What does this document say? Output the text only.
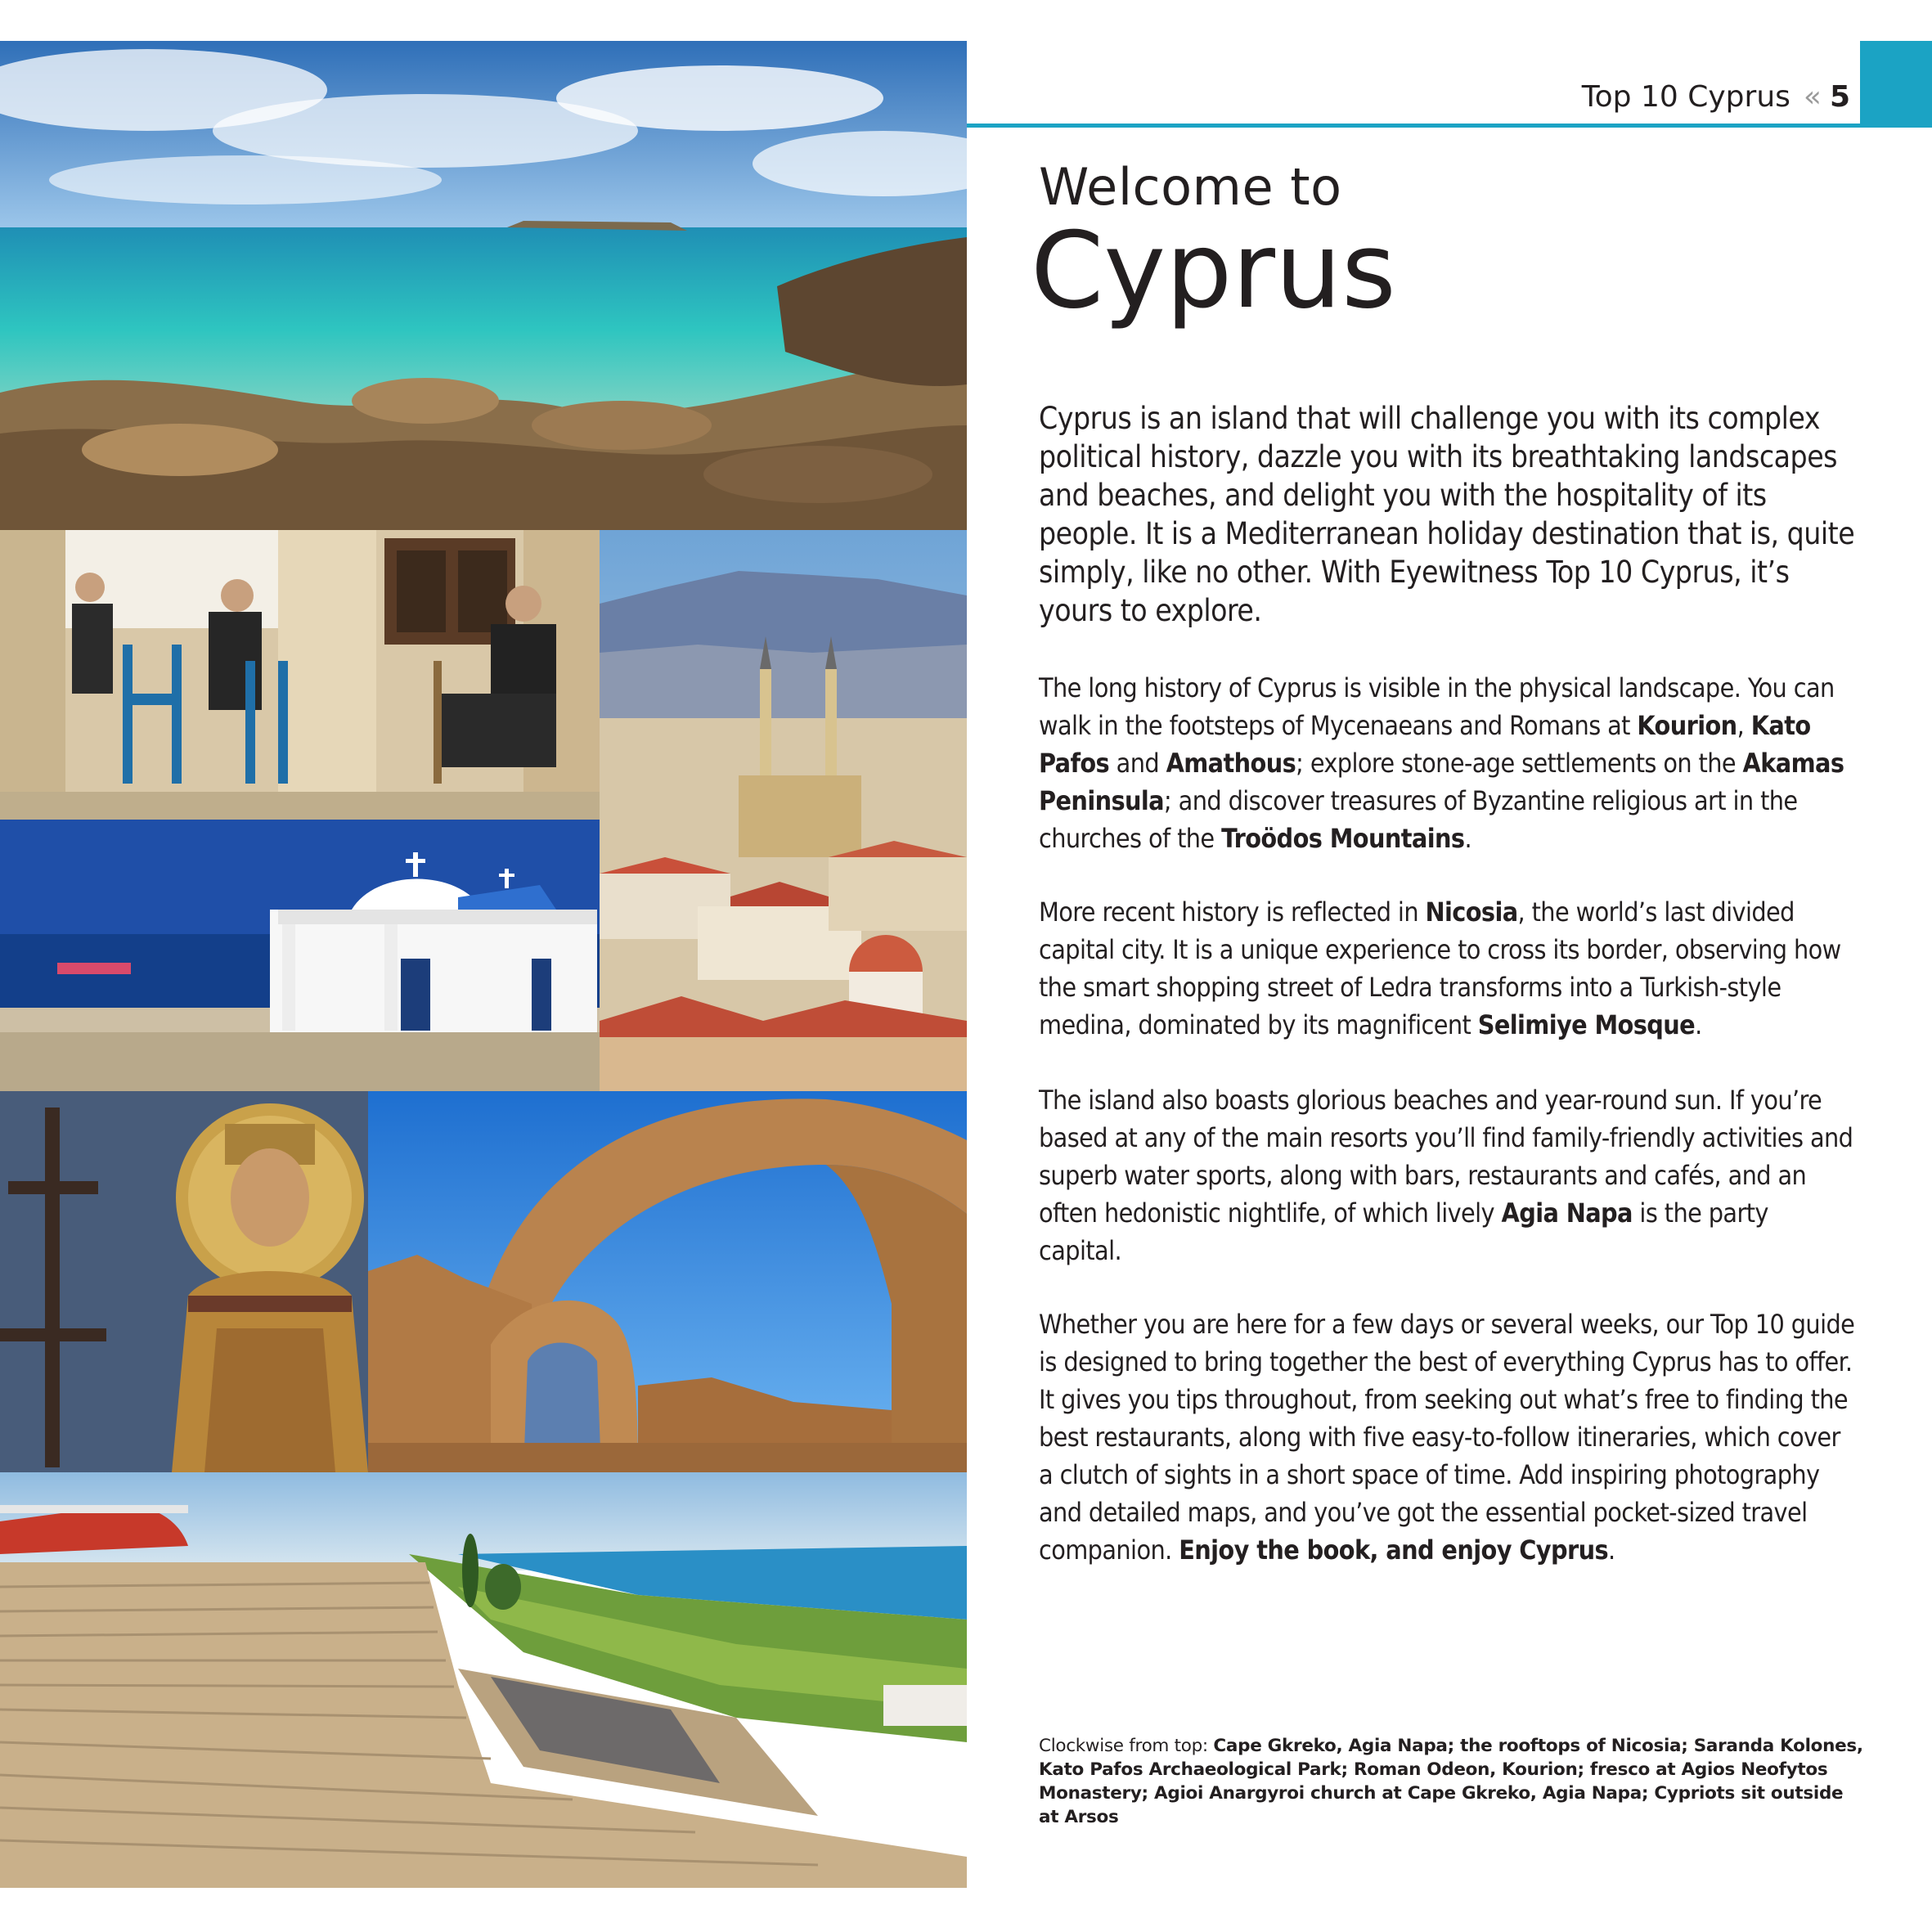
Top 10 Cyprus « 5
Welcome to
Cyprus
Cyprus is an island that will challenge you with its complex political history, dazzle you with its breathtaking landscapes and beaches, and delight you with the hospitality of its people. It is a Mediterranean holiday destination that is, quite simply, like no other. With Eyewitness Top 10 Cyprus, it’s yours to explore.
The long history of Cyprus is visible in the physical landscape. You can walk in the footsteps of Mycenaeans and Romans at Kourion, Kato Pafos and Amathous; explore stone-age settlements on the Akamas Peninsula; and discover treasures of Byzantine religious art in the churches of the Troödos Mountains.
More recent history is reflected in Nicosia, the world’s last divided capital city. It is a unique experience to cross its border, observing how the smart shopping street of Ledra transforms into a Turkish-style medina, dominated by its magnificent Selimiye Mosque.
The island also boasts glorious beaches and year-round sun. If you’re based at any of the main resorts you’ll find family-friendly activities and superb water sports, along with bars, restaurants and cafés, and an often hedonistic nightlife, of which lively Agia Napa is the party capital.
Whether you are here for a few days or several weeks, our Top 10 guide is designed to bring together the best of everything Cyprus has to offer. It gives you tips throughout, from seeking out what’s free to finding the best restaurants, along with five easy-to-follow itineraries, which cover a clutch of sights in a short space of time. Add inspiring photography and detailed maps, and you’ve got the essential pocket-sized travel companion. Enjoy the book, and enjoy Cyprus.
Clockwise from top: Cape Gkreko, Agia Napa; the rooftops of Nicosia; Saranda Kolones, Kato Pafos Archaeological Park; Roman Odeon, Kourion; fresco at Agios Neofytos Monastery; Agioi Anargyroi church at Cape Gkreko, Agia Napa; Cypriots sit outside at Arsos
